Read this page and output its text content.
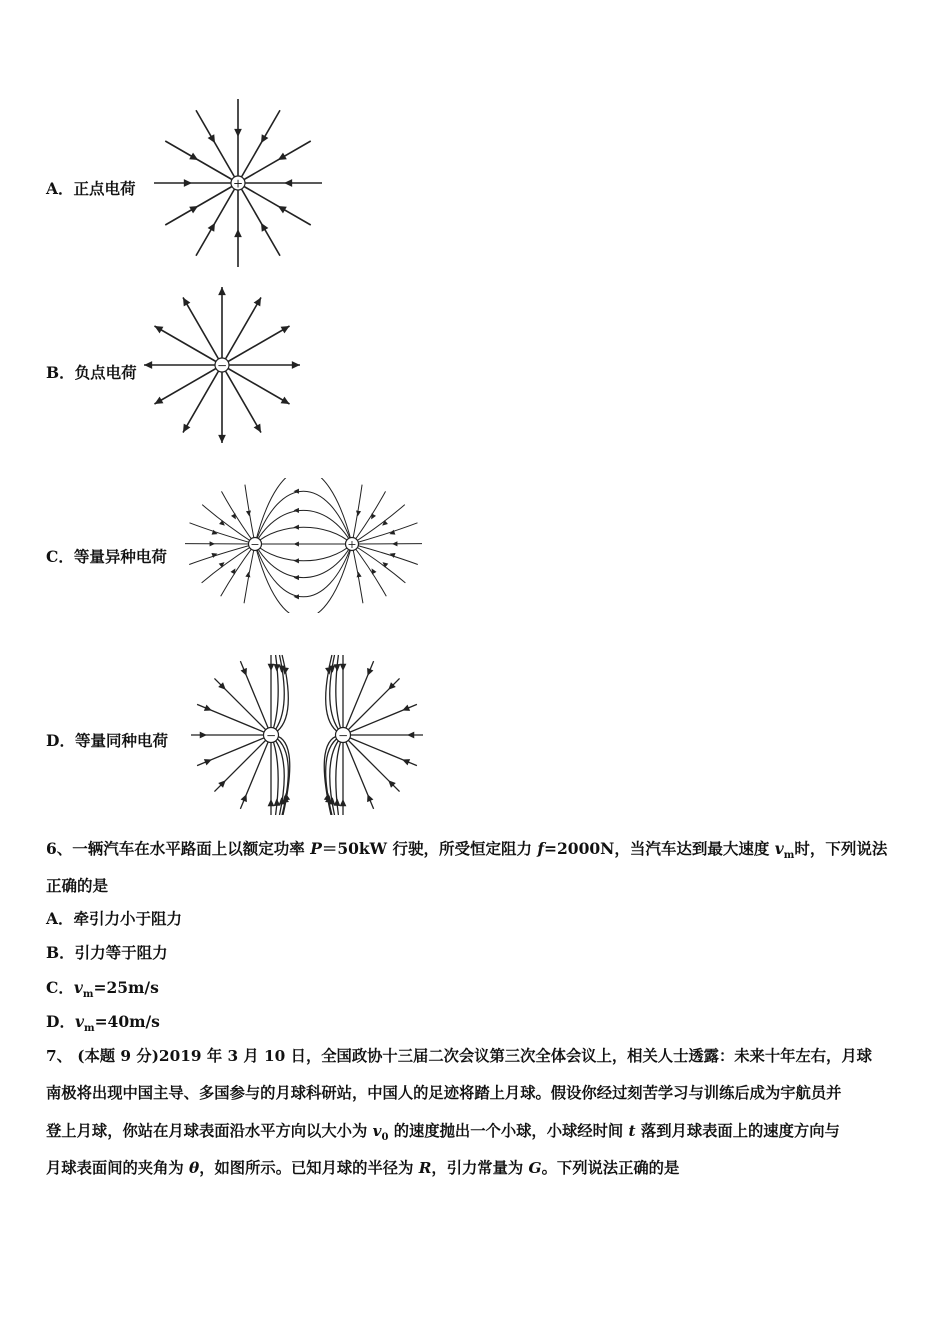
A．正点电荷	+
B．负点电荷	−
C．等量异种电荷
−	+
D．等量同种电荷	−	−
6、一辆汽车在水平路面上以额定功率 P＝50kW 行驶，所受恒定阻力 f=2000N，当汽车达到最大速度 $v_m$时，下列说法
正确的是
A．牵引力小于阻力
B．引力等于阻力
C．$v_m=25m/s$
D．$v_m=40m/s$
7、 (本题 9 分)2019 年 3 月 10 日，全国政协十三届二次会议第三次全体会议上，相关人士透露：未来十年左右，月球
南极将出现中国主导、多国参与的月球科研站，中国人的足迹将踏上月球。假设你经过刻苦学习与训练后成为宇航员并
登上月球，你站在月球表面沿水平方向以大小为 $v_0$ 的速度抛出一个小球，小球经时间 t 落到月球表面上的速度方向与
月球表面间的夹角为 θ，如图所示。已知月球的半径为 R，引力常量为 G。下列说法正确的是
